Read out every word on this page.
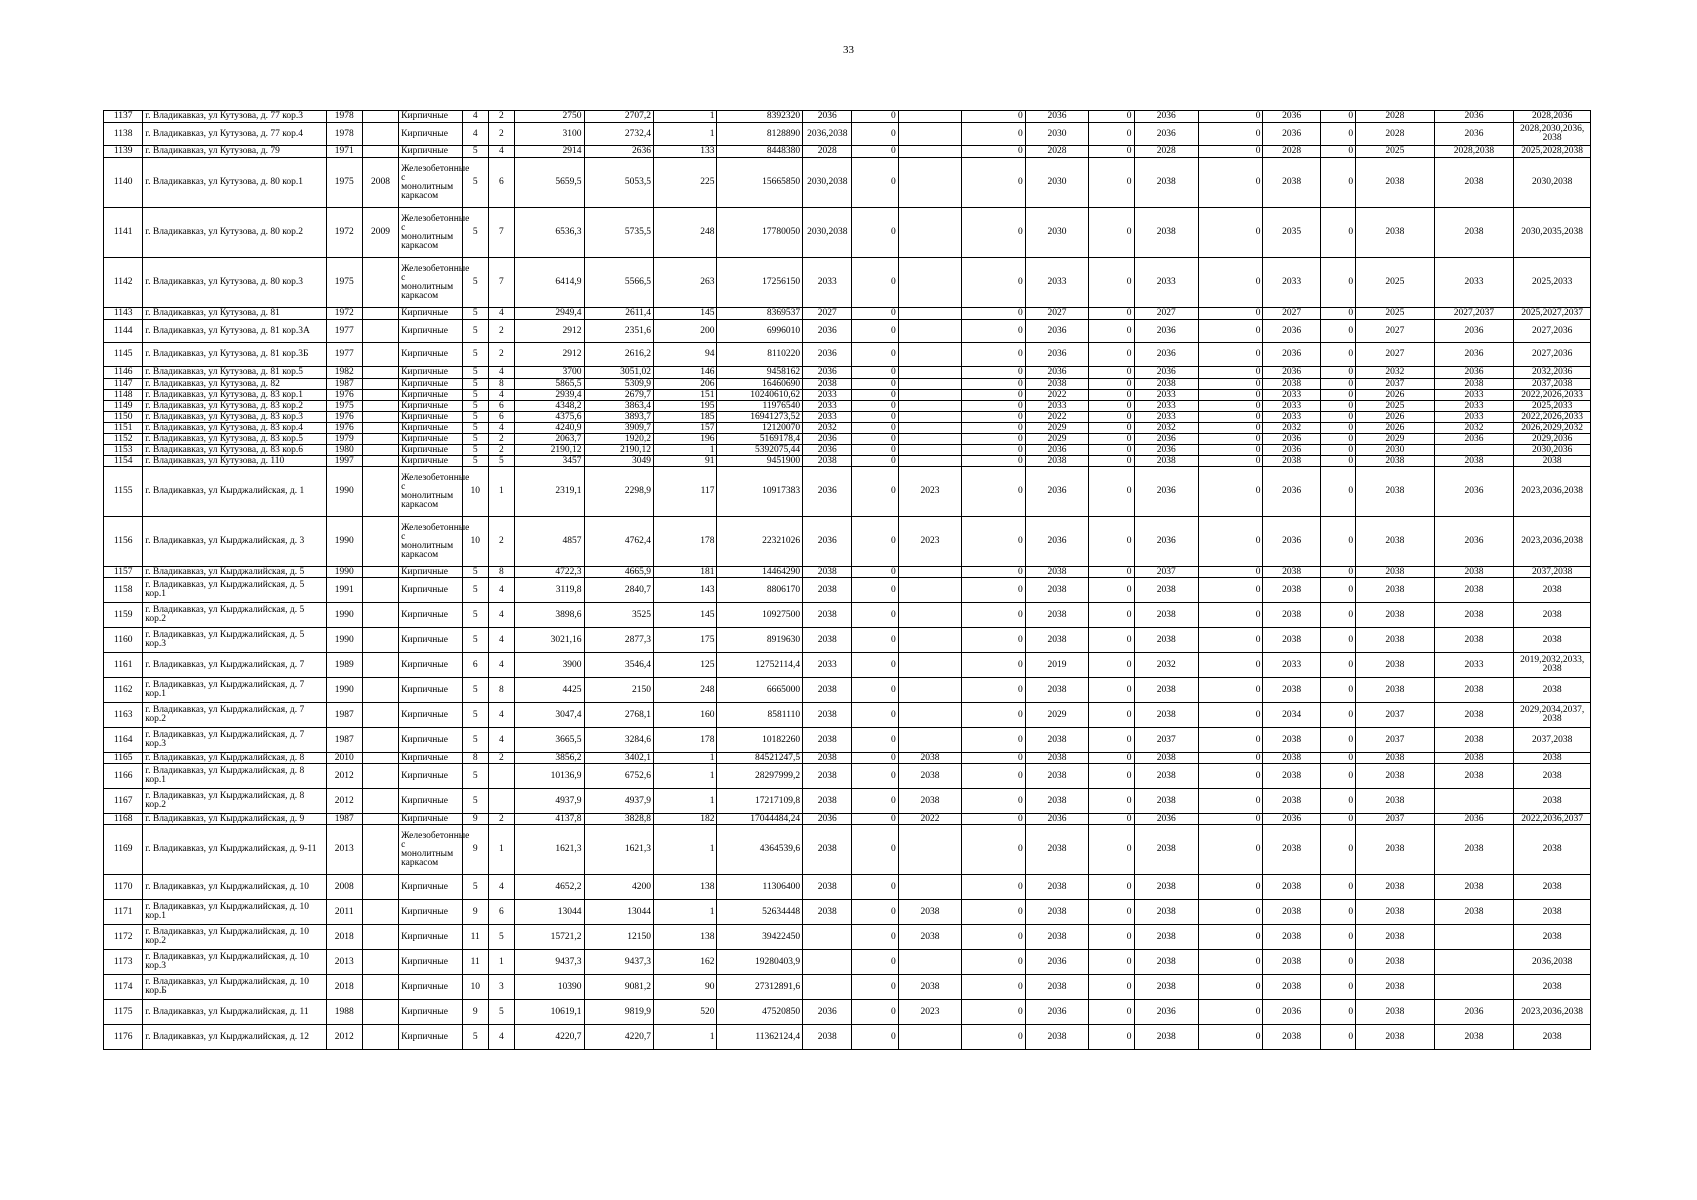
33
1137	г. Владикавказ, ул Кутузова, д. 77 кор.3	1978		Кирпичные	4	2	2750	2707,2	1	8392320	2036	0		0	2036	0	2036	0	2036	0	2028	2036	2028,2036
1138	г. Владикавказ, ул Кутузова, д. 77 кор.4	1978		Кирпичные	4	2	3100	2732,4	1	8128890	2036,2038	0		0	2030	0	2036	0	2036	0	2028	2036	2028,2030,2036, 2038
1139	г. Владикавказ, ул Кутузова, д. 79	1971		Кирпичные	5	4	2914	2636	133	8448380	2028	0		0	2028	0	2028	0	2028	0	2025	2028,2038	2025,2028,2038
1140	г. Владикавказ, ул Кутузова, д. 80 кор.1	1975	2008	Железобетонные с монолитным каркасом	5	6	5659,5	5053,5	225	15665850	2030,2038	0		0	2030	0	2038	0	2038	0	2038	2038	2030,2038
1141	г. Владикавказ, ул Кутузова, д. 80 кор.2	1972	2009	Железобетонные с монолитным каркасом	5	7	6536,3	5735,5	248	17780050	2030,2038	0		0	2030	0	2038	0	2035	0	2038	2038	2030,2035,2038
1142	г. Владикавказ, ул Кутузова, д. 80 кор.3	1975		Железобетонные с монолитным каркасом	5	7	6414,9	5566,5	263	17256150	2033	0		0	2033	0	2033	0	2033	0	2025	2033	2025,2033
1143	г. Владикавказ, ул Кутузова, д. 81	1972		Кирпичные	5	4	2949,4	2611,4	145	8369537	2027	0		0	2027	0	2027	0	2027	0	2025	2027,2037	2025,2027,2037
1144	г. Владикавказ, ул Кутузова, д. 81 кор.3А	1977		Кирпичные	5	2	2912	2351,6	200	6996010	2036	0		0	2036	0	2036	0	2036	0	2027	2036	2027,2036
1145	г. Владикавказ, ул Кутузова, д. 81 кор.3Б	1977		Кирпичные	5	2	2912	2616,2	94	8110220	2036	0		0	2036	0	2036	0	2036	0	2027	2036	2027,2036
1146	г. Владикавказ, ул Кутузова, д. 81 кор.5	1982		Кирпичные	5	4	3700	3051,02	146	9458162	2036	0		0	2036	0	2036	0	2036	0	2032	2036	2032,2036
1147	г. Владикавказ, ул Кутузова, д. 82	1987		Кирпичные	5	8	5865,5	5309,9	206	16460690	2038	0		0	2038	0	2038	0	2038	0	2037	2038	2037,2038
1148	г. Владикавказ, ул Кутузова, д. 83 кор.1	1976		Кирпичные	5	4	2939,4	2679,7	151	10240610,62	2033	0		0	2022	0	2033	0	2033	0	2026	2033	2022,2026,2033
1149	г. Владикавказ, ул Кутузова, д. 83 кор.2	1975		Кирпичные	5	6	4348,2	3863,4	195	11976540	2033	0		0	2033	0	2033	0	2033	0	2025	2033	2025,2033
1150	г. Владикавказ, ул Кутузова, д. 83 кор.3	1976		Кирпичные	5	6	4375,6	3893,7	185	16941273,52	2033	0		0	2022	0	2033	0	2033	0	2026	2033	2022,2026,2033
1151	г. Владикавказ, ул Кутузова, д. 83 кор.4	1976		Кирпичные	5	4	4240,9	3909,7	157	12120070	2032	0		0	2029	0	2032	0	2032	0	2026	2032	2026,2029,2032
1152	г. Владикавказ, ул Кутузова, д. 83 кор.5	1979		Кирпичные	5	2	2063,7	1920,2	196	5169178,4	2036	0		0	2029	0	2036	0	2036	0	2029	2036	2029,2036
1153	г. Владикавказ, ул Кутузова, д. 83 кор.6	1980		Кирпичные	5	2	2190,12	2190,12	1	5392075,44	2036	0		0	2036	0	2036	0	2036	0	2030		2030,2036
1154	г. Владикавказ, ул Кутузова, д. 110	1997		Кирпичные	5	5	3457	3049	91	9451900	2038	0		0	2038	0	2038	0	2038	0	2038	2038	2038
1155	г. Владикавказ, ул Кырджалийская, д. 1	1990		Железобетонные с монолитным каркасом	10	1	2319,1	2298,9	117	10917383	2036	0	2023	0	2036	0	2036	0	2036	0	2038	2036	2023,2036,2038
1156	г. Владикавказ, ул Кырджалийская, д. 3	1990		Железобетонные с монолитным каркасом	10	2	4857	4762,4	178	22321026	2036	0	2023	0	2036	0	2036	0	2036	0	2038	2036	2023,2036,2038
1157	г. Владикавказ, ул Кырджалийская, д. 5	1990		Кирпичные	5	8	4722,3	4665,9	181	14464290	2038	0		0	2038	0	2037	0	2038	0	2038	2038	2037,2038
1158	г. Владикавказ, ул Кырджалийская, д. 5 кор.1	1991		Кирпичные	5	4	3119,8	2840,7	143	8806170	2038	0		0	2038	0	2038	0	2038	0	2038	2038	2038
1159	г. Владикавказ, ул Кырджалийская, д. 5 кор.2	1990		Кирпичные	5	4	3898,6	3525	145	10927500	2038	0		0	2038	0	2038	0	2038	0	2038	2038	2038
1160	г. Владикавказ, ул Кырджалийская, д. 5 кор.3	1990		Кирпичные	5	4	3021,16	2877,3	175	8919630	2038	0		0	2038	0	2038	0	2038	0	2038	2038	2038
1161	г. Владикавказ, ул Кырджалийская, д. 7	1989		Кирпичные	6	4	3900	3546,4	125	12752114,4	2033	0		0	2019	0	2032	0	2033	0	2038	2033	2019,2032,2033, 2038
1162	г. Владикавказ, ул Кырджалийская, д. 7 кор.1	1990		Кирпичные	5	8	4425	2150	248	6665000	2038	0		0	2038	0	2038	0	2038	0	2038	2038	2038
1163	г. Владикавказ, ул Кырджалийская, д. 7 кор.2	1987		Кирпичные	5	4	3047,4	2768,1	160	8581110	2038	0		0	2029	0	2038	0	2034	0	2037	2038	2029,2034,2037, 2038
1164	г. Владикавказ, ул Кырджалийская, д. 7 кор.3	1987		Кирпичные	5	4	3665,5	3284,6	178	10182260	2038	0		0	2038	0	2037	0	2038	0	2037	2038	2037,2038
1165	г. Владикавказ, ул Кырджалийская, д. 8	2010		Кирпичные	8	2	3856,2	3402,1	1	84521247,5	2038	0	2038	0	2038	0	2038	0	2038	0	2038	2038	2038
1166	г. Владикавказ, ул Кырджалийская, д. 8 кор.1	2012		Кирпичные	5		10136,9	6752,6	1	28297999,2	2038	0	2038	0	2038	0	2038	0	2038	0	2038	2038	2038
1167	г. Владикавказ, ул Кырджалийская, д. 8 кор.2	2012		Кирпичные	5		4937,9	4937,9	1	17217109,8	2038	0	2038	0	2038	0	2038	0	2038	0	2038		2038
1168	г. Владикавказ, ул Кырджалийская, д. 9	1987		Кирпичные	9	2	4137,8	3828,8	182	17044484,24	2036	0	2022	0	2036	0	2036	0	2036	0	2037	2036	2022,2036,2037
1169	г. Владикавказ, ул Кырджалийская, д. 9-11	2013		Железобетонные с монолитным каркасом	9	1	1621,3	1621,3	1	4364539,6	2038	0		0	2038	0	2038	0	2038	0	2038	2038	2038
1170	г. Владикавказ, ул Кырджалийская, д. 10	2008		Кирпичные	5	4	4652,2	4200	138	11306400	2038	0		0	2038	0	2038	0	2038	0	2038	2038	2038
1171	г. Владикавказ, ул Кырджалийская, д. 10 кор.1	2011		Кирпичные	9	6	13044	13044	1	52634448	2038	0	2038	0	2038	0	2038	0	2038	0	2038	2038	2038
1172	г. Владикавказ, ул Кырджалийская, д. 10 кор.2	2018		Кирпичные	11	5	15721,2	12150	138	39422450		0	2038	0	2038	0	2038	0	2038	0	2038		2038
1173	г. Владикавказ, ул Кырджалийская, д. 10 кор.3	2013		Кирпичные	11	1	9437,3	9437,3	162	19280403,9		0		0	2036	0	2038	0	2038	0	2038		2036,2038
1174	г. Владикавказ, ул Кырджалийская, д. 10 кор.Б	2018		Кирпичные	10	3	10390	9081,2	90	27312891,6		0	2038	0	2038	0	2038	0	2038	0	2038		2038
1175	г. Владикавказ, ул Кырджалийская, д. 11	1988		Кирпичные	9	5	10619,1	9819,9	520	47520850	2036	0	2023	0	2036	0	2036	0	2036	0	2038	2036	2023,2036,2038
1176	г. Владикавказ, ул Кырджалийская, д. 12	2012		Кирпичные	5	4	4220,7	4220,7	1	11362124,4	2038	0		0	2038	0	2038	0	2038	0	2038	2038	2038
